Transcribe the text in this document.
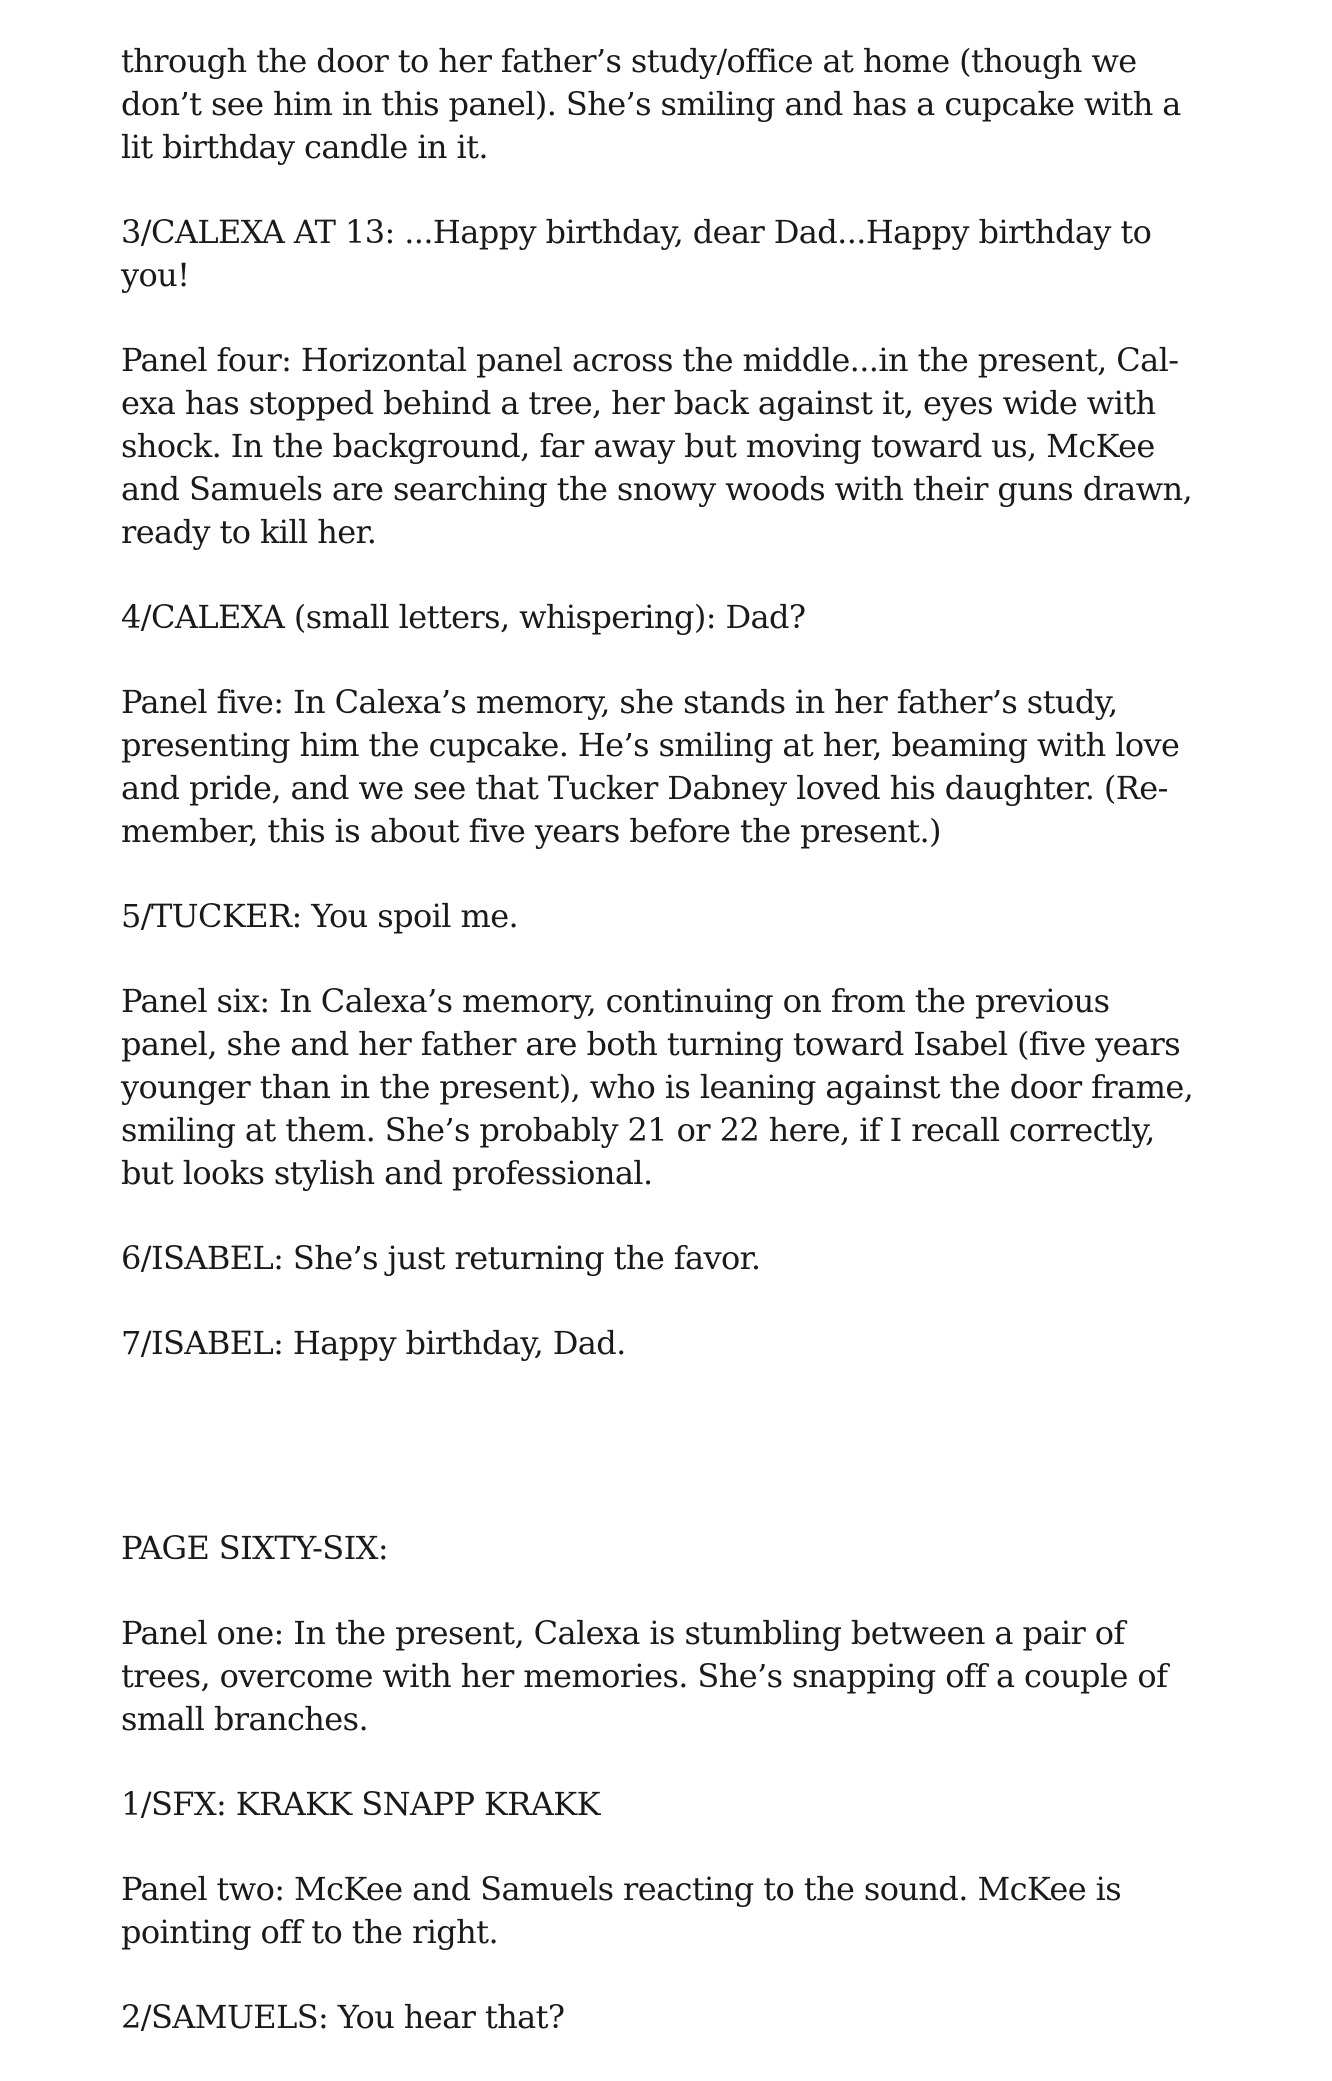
through the door to her father’s study/office at home (though we
don’t see him in this panel). She’s smiling and has a cupcake with a
lit birthday candle in it.
3/CALEXA AT 13: ...Happy birthday, dear Dad...Happy birthday to
you!
Panel four: Horizontal panel across the middle...in the present, Cal-
exa has stopped behind a tree, her back against it, eyes wide with
shock. In the background, far away but moving toward us, McKee
and Samuels are searching the snowy woods with their guns drawn,
ready to kill her.
4/CALEXA (small letters, whispering): Dad?
Panel five: In Calexa’s memory, she stands in her father’s study,
presenting him the cupcake. He’s smiling at her, beaming with love
and pride, and we see that Tucker Dabney loved his daughter. (Re-
member, this is about five years before the present.)
5/TUCKER: You spoil me.
Panel six: In Calexa’s memory, continuing on from the previous
panel, she and her father are both turning toward Isabel (five years
younger than in the present), who is leaning against the door frame,
smiling at them. She’s probably 21 or 22 here, if I recall correctly,
but looks stylish and professional.
6/ISABEL: She’s just returning the favor.
7/ISABEL: Happy birthday, Dad.
PAGE SIXTY-SIX:
Panel one: In the present, Calexa is stumbling between a pair of
trees, overcome with her memories. She’s snapping off a couple of
small branches.
1/SFX: KRAKK SNAPP KRAKK
Panel two: McKee and Samuels reacting to the sound. McKee is
pointing off to the right.
2/SAMUELS: You hear that?
